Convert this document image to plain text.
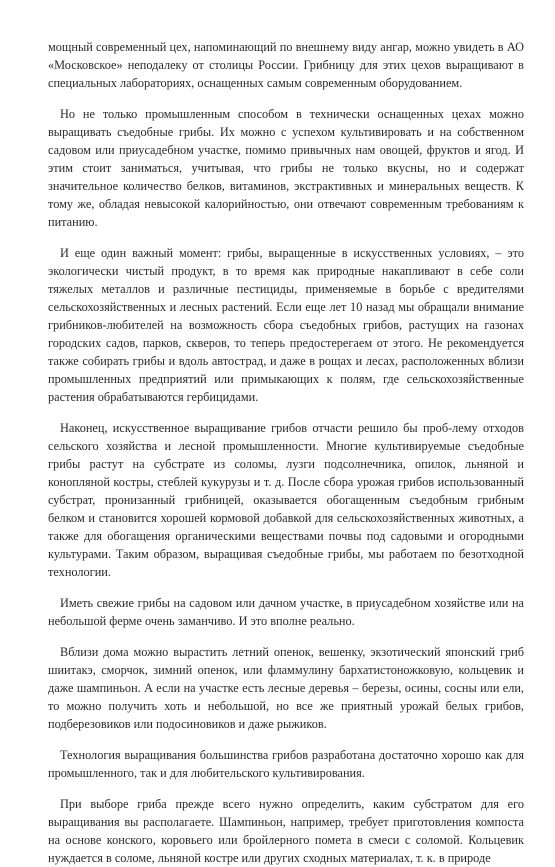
мощный современный цех, напоминающий по внешнему виду ангар, можно увидеть в АО «Московское» неподалеку от столицы России. Грибницу для этих цехов выращивают в специальных лабораториях, оснащенных самым современным оборудованием.

Но не только промышленным способом в технически оснащенных цехах можно выращивать съедобные грибы. Их можно с успехом культивировать и на собственном садовом или приусадебном участке, помимо привычных нам овощей, фруктов и ягод. И этим стоит заниматься, учитывая, что грибы не только вкусны, но и содержат значительное количество белков, витаминов, экстрактивных и минеральных веществ. К тому же, обладая невысокой калорийностью, они отвечают современным требованиям к питанию.

И еще один важный момент: грибы, выращенные в искусственных условиях, – это экологически чистый продукт, в то время как природные накапливают в себе соли тяжелых металлов и различные пестициды, применяемые в борьбе с вредителями сельскохозяйственных и лесных растений. Если еще лет 10 назад мы обращали внимание грибников-любителей на возможность сбора съедобных грибов, растущих на газонах городских садов, парков, скверов, то теперь предостерегаем от этого. Не рекомендуется также собирать грибы и вдоль автострад, и даже в рощах и лесах, расположенных вблизи промышленных предприятий или примыкающих к полям, где сельскохозяйственные растения обрабатываются гербицидами.

Наконец, искусственное выращивание грибов отчасти решило бы проб-лему отходов сельского хозяйства и лесной промышленности. Многие культивируемые съедобные грибы растут на субстрате из соломы, лузги подсолнечника, опилок, льняной и конопляной костры, стеблей кукурузы и т. д. После сбора урожая грибов использованный субстрат, пронизанный грибницей, оказывается обогащенным съедобным грибным белком и становится хорошей кормовой добавкой для сельскохозяйственных животных, а также для обогащения органическими веществами почвы под садовыми и огородными культурами. Таким образом, выращивая съедобные грибы, мы работаем по безотходной технологии.

Иметь свежие грибы на садовом или дачном участке, в приусадебном хозяйстве или на небольшой ферме очень заманчиво. И это вполне реально.

Вблизи дома можно вырастить летний опенок, вешенку, экзотический японский гриб шиитакэ, сморчок, зимний опенок, или фламмулину бархатистоножковую, кольцевик и даже шампиньон. А если на участке есть лесные деревья – березы, осины, сосны или ели, то можно получить хоть и небольшой, но все же приятный урожай белых грибов, подберезовиков или подосиновиков и даже рыжиков.

Технология выращивания большинства грибов разработана достаточно хорошо как для промышленного, так и для любительского культивирования.

При выборе гриба прежде всего нужно определить, каким субстратом для его выращивания вы располагаете. Шампиньон, например, требует приготовления компоста на основе конского, коровьего или бройлерного помета в смеси с соломой. Кольцевик нуждается в соломе, льняной костре или других сходных материалах, т. к. в природе
